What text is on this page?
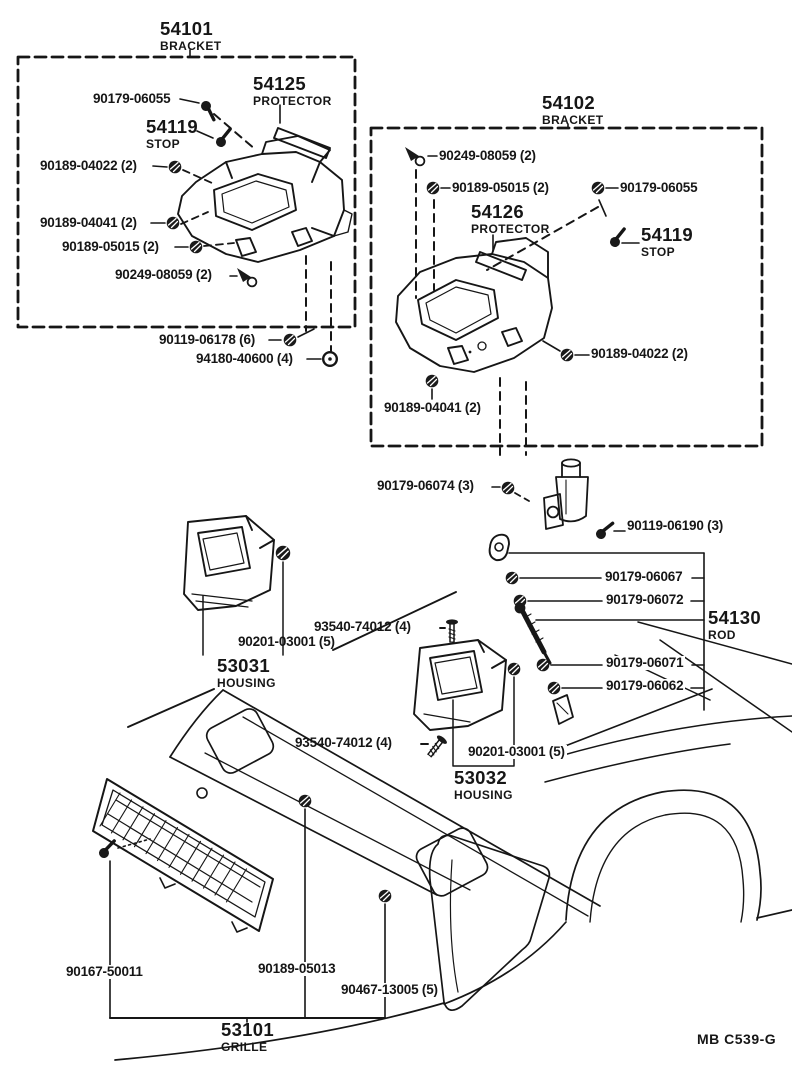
54101
BRACKET
90179-06055
54119
STOP
90189-04022 (2)
90189-04041 (2)
90189-05015 (2)
90249-08059 (2)
54125
PROTECTOR
90119-06178 (6)
94180-40600 (4)
54102
BRACKET
90249-08059 (2)
90189-05015 (2)	90179-06055
54126
PROTECTOR	54119
STOP
90189-04022 (2)
90189-04041 (2)
90179-06074 (3)
90119-06190 (3)
90179-06067
90179-06072
54130
ROD
90179-06071
90179-06062
93540-74012 (4)
90201-03001 (5)
53031
HOUSING
93540-74012 (4)
90201-03001 (5)
53032
HOUSING
90167-50011	90189-05013
90467-13005 (5)
53101
GRILLE	MB C539-G
